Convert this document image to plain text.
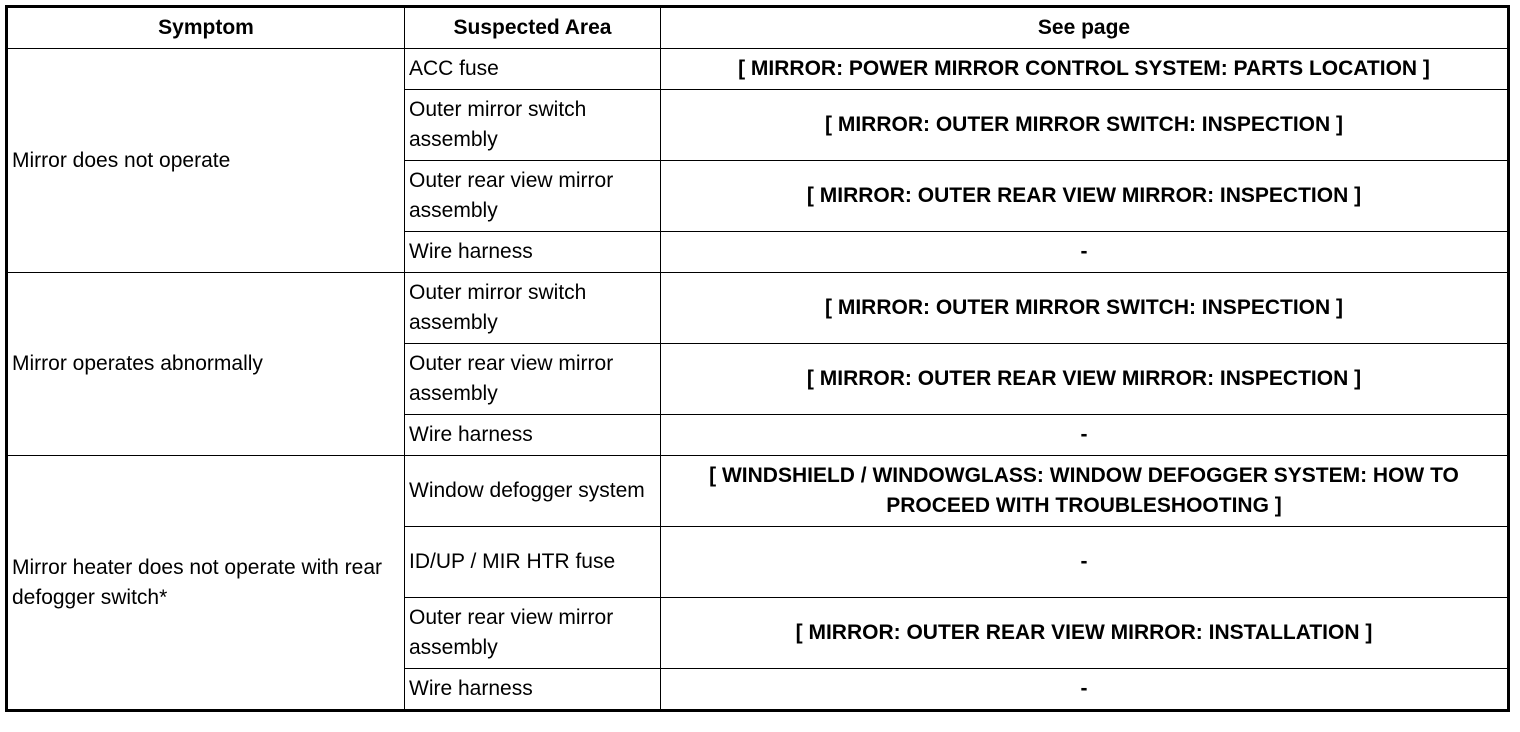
Symptom	Suspected Area	See page
Mirror does not operate	ACC fuse	[ MIRROR: POWER MIRROR CONTROL SYSTEM: PARTS LOCATION ]
	Outer mirror switch assembly	[ MIRROR: OUTER MIRROR SWITCH: INSPECTION ]
	Outer rear view mirror assembly	[ MIRROR: OUTER REAR VIEW MIRROR: INSPECTION ]
	Wire harness	-
Mirror operates abnormally	Outer mirror switch assembly	[ MIRROR: OUTER MIRROR SWITCH: INSPECTION ]
	Outer rear view mirror assembly	[ MIRROR: OUTER REAR VIEW MIRROR: INSPECTION ]
	Wire harness	-
Mirror heater does not operate with rear defogger switch*	Window defogger system	[ WINDSHIELD / WINDOWGLASS: WINDOW DEFOGGER SYSTEM: HOW TO PROCEED WITH TROUBLESHOOTING ]
	ID/UP / MIR HTR fuse	-
	Outer rear view mirror assembly	[ MIRROR: OUTER REAR VIEW MIRROR: INSTALLATION ]
	Wire harness	-
